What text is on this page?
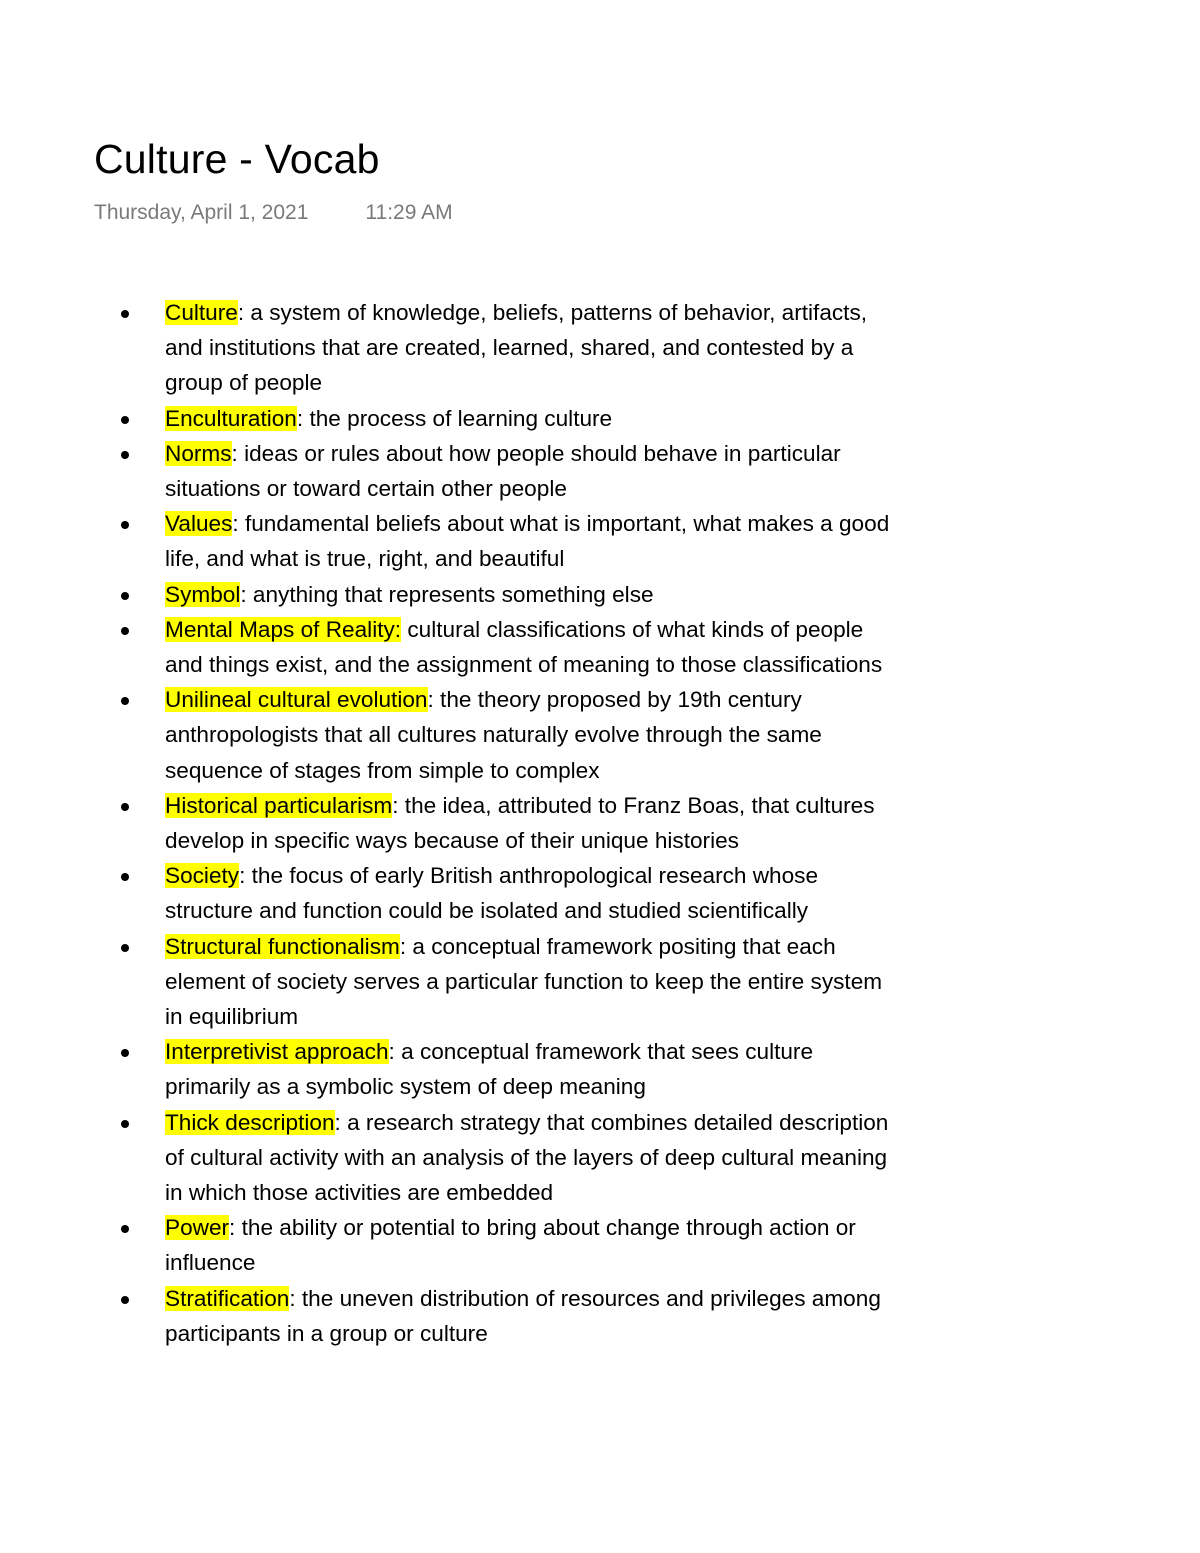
Culture - Vocab
Thursday, April 1, 2021	11:29 AM
Culture: a system of knowledge, beliefs, patterns of behavior, artifacts, and institutions that are created, learned, shared, and contested by a group of people
Enculturation: the process of learning culture
Norms: ideas or rules about how people should behave in particular situations or toward certain other people
Values: fundamental beliefs about what is important, what makes a good life, and what is true, right, and beautiful
Symbol: anything that represents something else
Mental Maps of Reality: cultural classifications of what kinds of people and things exist, and the assignment of meaning to those classifications
Unilineal cultural evolution: the theory proposed by 19th century anthropologists that all cultures naturally evolve through the same sequence of stages from simple to complex
Historical particularism: the idea, attributed to Franz Boas, that cultures develop in specific ways because of their unique histories
Society: the focus of early British anthropological research whose structure and function could be isolated and studied scientifically
Structural functionalism: a conceptual framework positing that each element of society serves a particular function to keep the entire system in equilibrium
Interpretivist approach: a conceptual framework that sees culture primarily as a symbolic system of deep meaning
Thick description: a research strategy that combines detailed description of cultural activity with an analysis of the layers of deep cultural meaning in which those activities are embedded
Power: the ability or potential to bring about change through action or influence
Stratification: the uneven distribution of resources and privileges among participants in a group or culture
